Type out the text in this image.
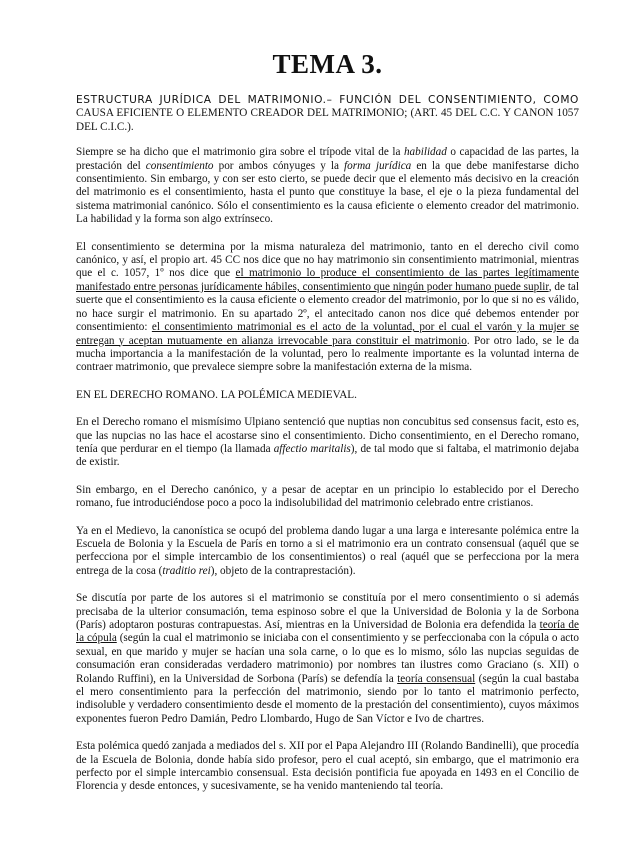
TEMA 3.
ESTRUCTURA JURÍDICA DEL MATRIMONIO.– FUNCIÓN DEL CONSENTIMIENTO, COMO CAUSA EFICIENTE O ELEMENTO CREADOR DEL MATRIMONIO; (ART. 45 DEL C.C. Y CANON 1057 DEL C.I.C.).

Siempre se ha dicho que el matrimonio gira sobre el trípode vital de la habilidad o capacidad de las partes, la prestación del consentimiento por ambos cónyuges y la forma jurídica en la que debe manifestarse dicho consentimiento. Sin embargo, y con ser esto cierto, se puede decir que el elemento más decisivo en la creación del matrimonio es el consentimiento, hasta el punto que constituye la base, el eje o la pieza fundamental del sistema matrimonial canónico. Sólo el consentimiento es la causa eficiente o elemento creador del matrimonio. La habilidad y la forma son algo extrínseco.

El consentimiento se determina por la misma naturaleza del matrimonio, tanto en el derecho civil como canónico, y así, el propio art. 45 CC nos dice que no hay matrimonio sin consentimiento matrimonial, mientras que el c. 1057, 1º nos dice que el matrimonio lo produce el consentimiento de las partes legítimamente manifestado entre personas jurídicamente hábiles, consentimiento que ningún poder humano puede suplir, de tal suerte que el consentimiento es la causa eficiente o elemento creador del matrimonio, por lo que si no es válido, no hace surgir el matrimonio. En su apartado 2º, el antecitado canon nos dice qué debemos entender por consentimiento: el consentimiento matrimonial es el acto de la voluntad, por el cual el varón y la mujer se entregan y aceptan mutuamente en alianza irrevocable para constituir el matrimonio. Por otro lado, se le da mucha importancia a la manifestación de la voluntad, pero lo realmente importante es la voluntad interna de contraer matrimonio, que prevalece siempre sobre la manifestación externa de la misma.

EN EL DERECHO ROMANO. LA POLÉMICA MEDIEVAL.

En el Derecho romano el mismísimo Ulpiano sentenció que nuptias non concubitus sed consensus facit, esto es, que las nupcias no las hace el acostarse sino el consentimiento. Dicho consentimiento, en el Derecho romano, tenía que perdurar en el tiempo (la llamada affectio maritalis), de tal modo que si faltaba, el matrimonio dejaba de existir.

Sin embargo, en el Derecho canónico, y a pesar de aceptar en un principio lo establecido por el Derecho romano, fue introduciéndose poco a poco la indisolubilidad del matrimonio celebrado entre cristianos.

Ya en el Medievo, la canonística se ocupó del problema dando lugar a una larga e interesante polémica entre la Escuela de Bolonia y la Escuela de París en torno a si el matrimonio era un contrato consensual (aquél que se perfecciona por el simple intercambio de los consentimientos) o real (aquél que se perfecciona por la mera entrega de la cosa (traditio rei), objeto de la contraprestación).

Se discutía por parte de los autores si el matrimonio se constituía por el mero consentimiento o si además precisaba de la ulterior consumación, tema espinoso sobre el que la Universidad de Bolonia y la de Sorbona (París) adoptaron posturas contrapuestas. Así, mientras en la Universidad de Bolonia era defendida la teoría de la cópula (según la cual el matrimonio se iniciaba con el consentimiento y se perfeccionaba con la cópula o acto sexual, en que marido y mujer se hacían una sola carne, o lo que es lo mismo, sólo las nupcias seguidas de consumación eran consideradas verdadero matrimonio) por nombres tan ilustres como Graciano (s. XII) o Rolando Ruffini), en la Universidad de Sorbona (París) se defendía la teoría consensual (según la cual bastaba el mero consentimiento para la perfección del matrimonio, siendo por lo tanto el matrimonio perfecto, indisoluble y verdadero consentimiento desde el momento de la prestación del consentimiento), cuyos máximos exponentes fueron Pedro Damián, Pedro Llombardo, Hugo de San Víctor e Ivo de chartres.

Esta polémica quedó zanjada a mediados del s. XII por el Papa Alejandro III (Rolando Bandinelli), que procedía de la Escuela de Bolonia, donde había sido profesor, pero el cual aceptó, sin embargo, que el matrimonio era perfecto por el simple intercambio consensual. Esta decisión pontificia fue apoyada en 1493 en el Concilio de Florencia y desde entonces, y sucesivamente, se ha venido manteniendo tal teoría.
